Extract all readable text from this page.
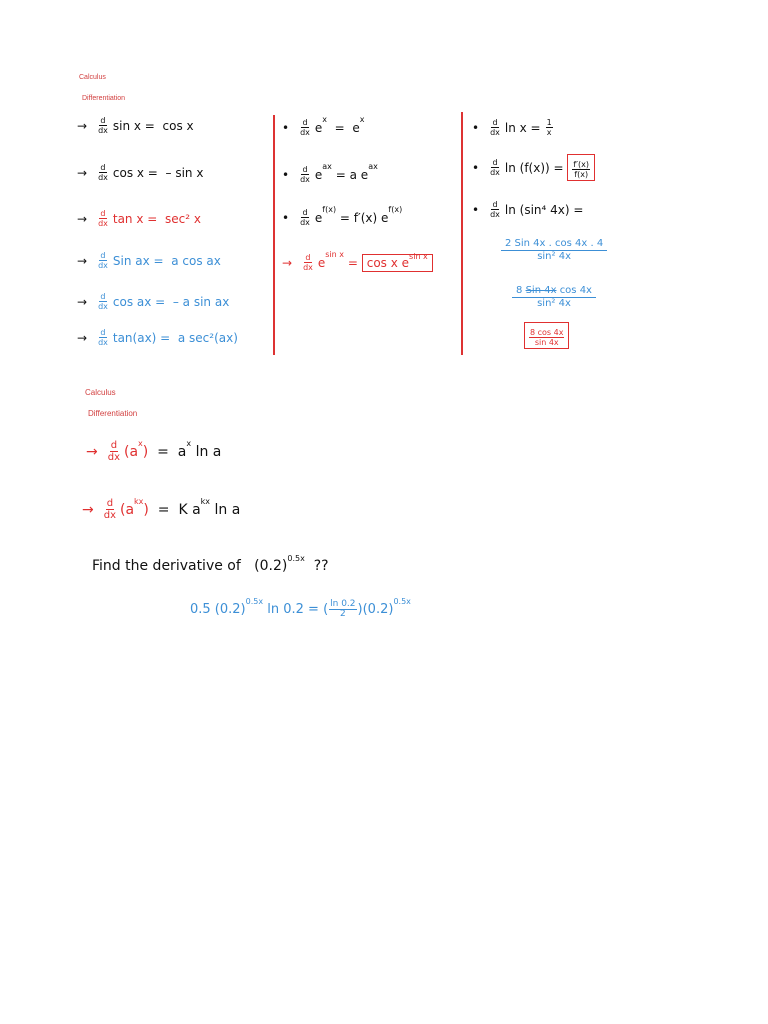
Calculus
Differentiation
→ $\frac{d}{dx}$ sin x =
cos x
→ $\frac{d}{dx}$ cos x =
– sin x
→ $\frac{d}{dx}$ tan x =
sec² x
→ $\frac{d}{dx}$ Sin ax =
a cos ax
→ $\frac{d}{dx}$ cos ax =
– a sin ax
→ $\frac{d}{dx} \tan(ax)$ =
a sec²(ax)
• $\frac{d}{dx}$ e
x

=
e
x
• $\frac{d}{dx}$ e
ax

=
a e
ax
• $\frac{d}{dx}$ e
f(x)

=
f′(x) e
f(x)
→ $\frac{d}{dx}$ e
sin x

=
cos x $e^{sin x}$
• $\frac{d}{dx}$ $\ln x = \frac{1}{x}$
• $\frac{d}{dx}$ ln (f(x)) =
$\frac{f'(x)}{f(x)}$
• $\frac{d}{dx}$ ln (sin⁴ 4x) =
$\frac{\text{2 Sin 4x . cos 4x . 4}}{\text{sin² 4x}}$
$\frac{\text{8 Sin 4x cos 4x}}{\text{sin² 4x}}$
$\frac{8 \cos 4x}{\sin 4x}$
Calculus
Differentiation
→ d
dx (a x )
=
a x
ln a
→ d
dx (a kx )
=
K a kx
ln a
Find the derivative of
(0.2) 0.5x
??
0.5 (0.2)
0.5x

ln 0.2 =
( $\frac{\ln 0.2}{2}$ ) (0.2)
0.5x
